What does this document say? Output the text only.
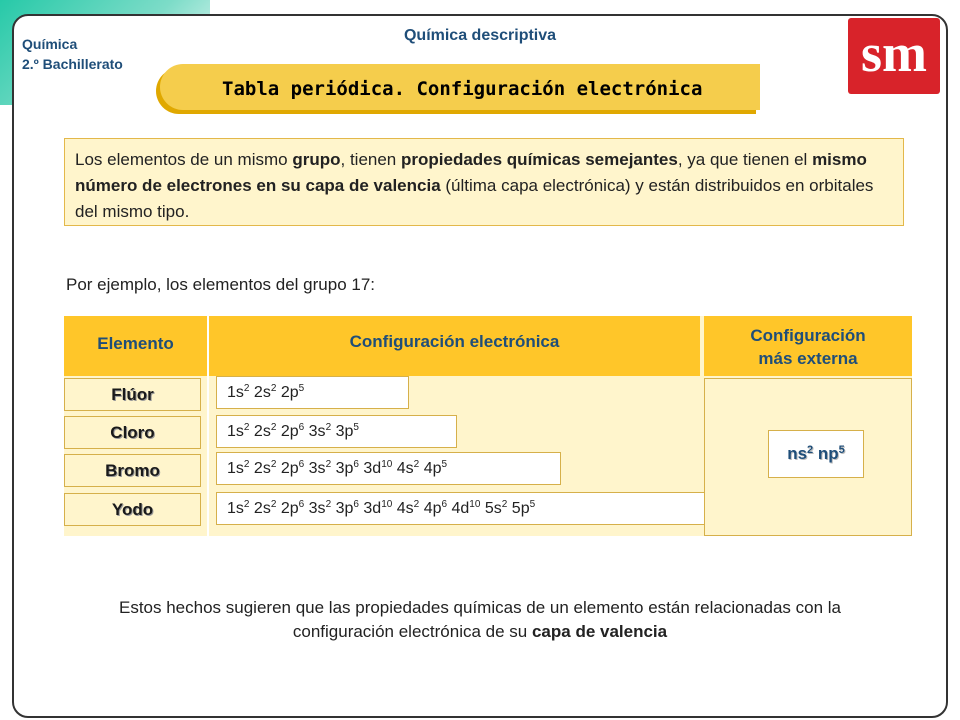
Química
2.º Bachillerato
Química descriptiva
Tabla periódica. Configuración electrónica
sm
Los elementos de un mismo grupo, tienen propiedades químicas semejantes, ya que tienen el mismo número de electrones en su capa de valencia (última capa electrónica) y están distribuidos en orbitales del mismo tipo.
Por ejemplo, los elementos del grupo 17:
Elemento	Configuración electrónica	Configuración más externa
Flúor
Cloro
Bromo
Yodo
$1s^2$ $2s^2$ $2p^5$
$1s^2$ $2s^2$ $2p^6$ $3s^2$ $3p^5$
$1s^2$ $2s^2$ $2p^6$ $3s^2$ $3p^6$ $3d^{10}$ $4s^2$ $4p^5$
$1s^2$ $2s^2$ $2p^6$ $3s^2$ $3p^6$ $3d^{10}$ $4s^2$ $4p^6$ $4d^{10}$ $5s^2$ $5p^5$
$ns^2$ $np^5$
Estos hechos sugieren que las propiedades químicas de un elemento están relacionadas con la configuración electrónica de su capa de valencia
